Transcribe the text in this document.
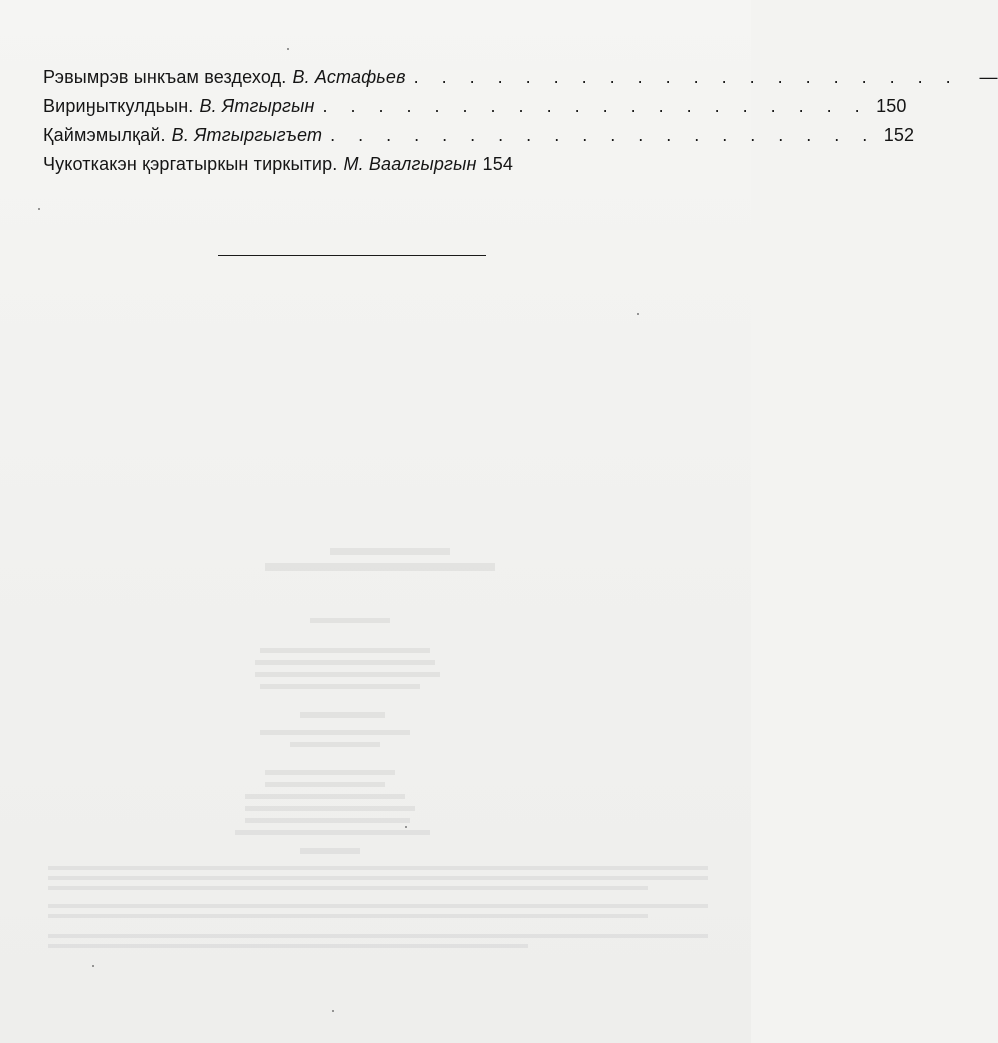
Рэвымрэв ынкъам вездеход. В. Астафьев . . . . . . . . . . . . . . . . . . . .	—
Вириӈыткулдьын. В. Ятгыргын . . . . . . . . . . . . . . . . . . . . 150
Қаймэмылқай. В. Ятгыргыгъет . . . . . . . . . . . . . . . . . . . . 152
Чукоткакэн қэргатыркын тиркытир. М. Ваалгыргын 154
